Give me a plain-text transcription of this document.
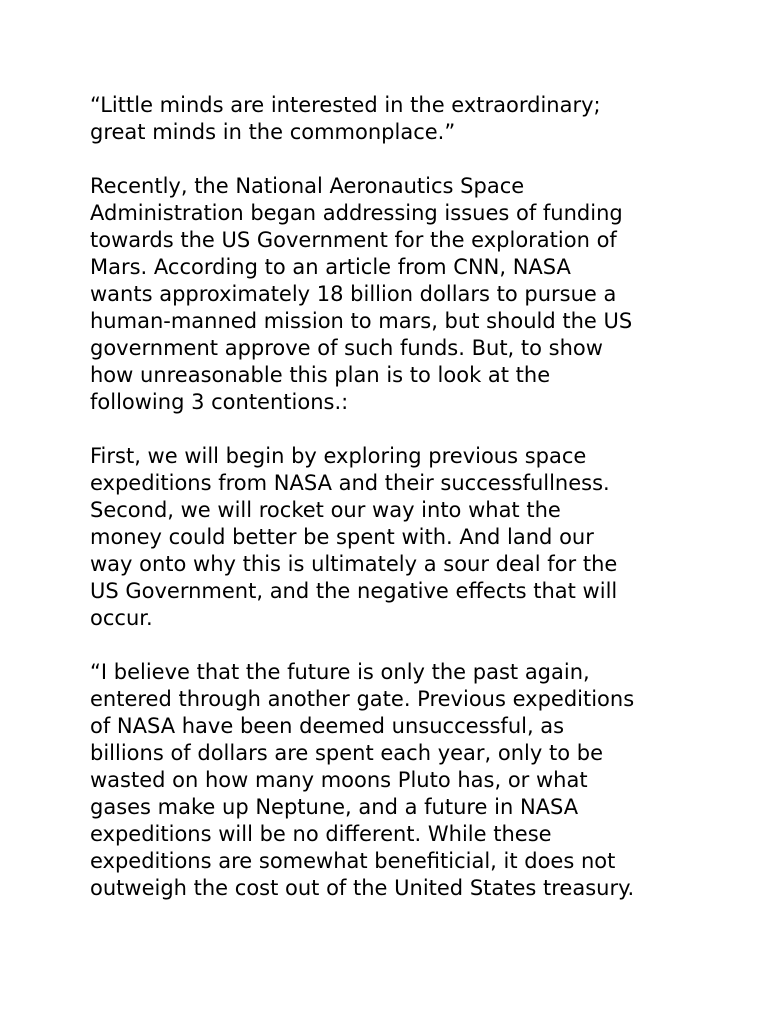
“Little minds are interested in the extraordinary;
great minds in the commonplace.”

Recently, the National Aeronautics Space
Administration began addressing issues of funding
towards the US Government for the exploration of
Mars. According to an article from CNN, NASA
wants approximately 18 billion dollars to pursue a
human-manned mission to mars, but should the US
government approve of such funds. But, to show
how unreasonable this plan is to look at the
following 3 contentions.:

First, we will begin by exploring previous space
expeditions from NASA and their successfullness.
Second, we will rocket our way into what the
money could better be spent with. And land our
way onto why this is ultimately a sour deal for the
US Government, and the negative effects that will
occur.

“I believe that the future is only the past again,
entered through another gate. Previous expeditions
of NASA have been deemed unsuccessful, as
billions of dollars are spent each year, only to be
wasted on how many moons Pluto has, or what
gases make up Neptune, and a future in NASA
expeditions will be no different. While these
expeditions are somewhat benefiticial, it does not
outweigh the cost out of the United States treasury.
